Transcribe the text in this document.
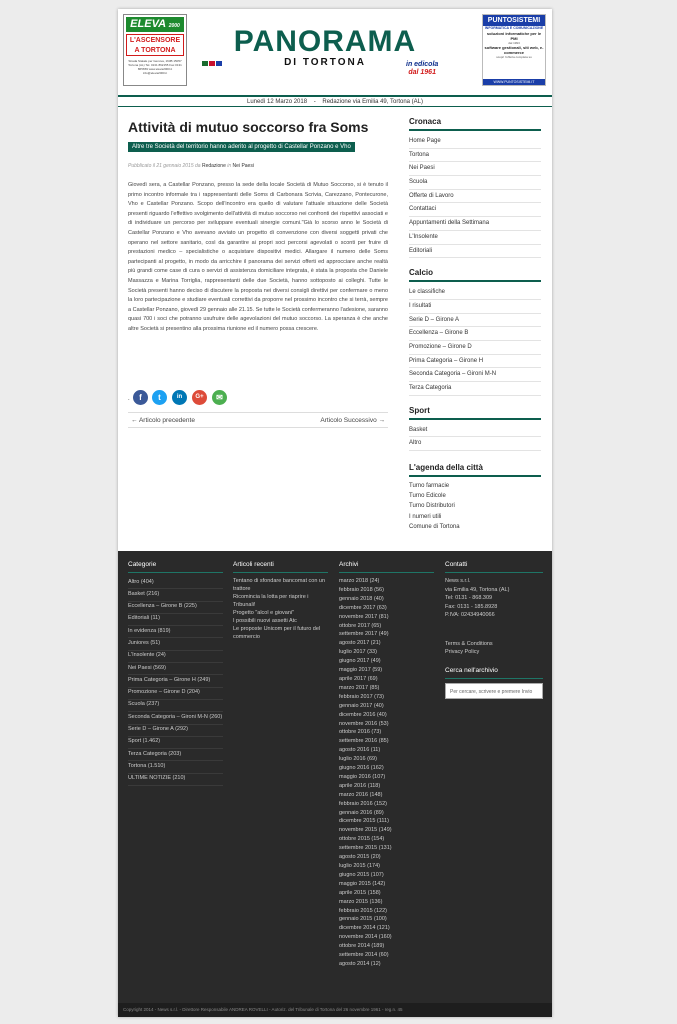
ELEVA 2000
L'ASCENSORE
A TORTONA
Strada Statale per Genova, 163B 15057 Tortona (AL) Tel. 0131 862155 Fax 0131 865659 www.eleva2000.it info@eleva2000.it
PANORAMA
DI TORTONA	in edicola
dal 1961
PUNTOSISTEMI
INFORMATICA E COMUNICAZIONE
soluzioni informatiche per le PMI
dal 1993
software gestionali, siti web, e-commerce
scopri l'offerta completa su
WWW.PUNTOSISTEMI.IT
Lunedì 12 Marzo 2018 - Redazione via Emilia 49, Tortona (AL)
Attività di mutuo soccorso fra Soms
Altre tre Società del territorio hanno aderito al progetto di Castellar Ponzano e Vho
Pubblicato il 21 gennaio 2015 da Redazione in Nei Paesi
Giovedì sera, a Castellar Ponzano, presso la sede della locale Società di Mutuo Soccorso, si è tenuto il primo incontro informale tra i rappresentanti delle Soms di Carbonara Scrivia, Carezzano, Pontecurone, Vho e Castellar Ponzano. Scopo dell'incontro era quello di valutare l'attuale situazione delle Società presenti riguardo l'effettivo svolgimento dell'attività di mutuo soccorso nei confronti dei rispettivi associati e di individuare un percorso per sviluppare eventuali sinergie comuni."Già lo scorso anno le Società di Castellar Ponzano e Vho avevano avviato un progetto di convenzione con diversi soggetti privati che operano nel settore sanitario, così da garantire ai propri soci percorsi agevolati o sconti per fruire di prestazioni medico – specialistiche o acquistare dispositivi medici. Allargare il numero delle Soms partecipanti al progetto, in modo da arricchire il panorama dei servizi offerti ed approcciare anche realtà più grandi come case di cura o servizi di assistenza domiciliare integrata, è stata la proposta che Daniele Massazza e Marina Torriglia, rappresentanti delle due Società, hanno sottoposto ai colleghi. Tutte le Società presenti hanno deciso di discutere la proposta nei diversi consigli direttivi per confermare o meno la loro partecipazione e studiare eventuali correttivi da proporre nel prossimo incontro che si terrà, sempre a Castellar Ponzano, giovedì 29 gennaio alle 21.15. Se tutte le Società confermeranno l'adesione, saranno quasi 700 i soci che potranno usufruire delle agevolazioni del mutuo soccorso. La speranza è che anche altre Società si presentino alla prossima riunione ed il numero possa crescere.
.	f	t	in	G+	✉
← Articolo precedente	Articolo Successivo →
Cronaca
Home Page
Tortona
Nei Paesi
Scuola
Offerte di Lavoro
Contattaci
Appuntamenti della Settimana
L'Insolente
Editoriali
Calcio
Le classifiche
I risultati
Serie D – Girone A
Eccellenza – Girone B
Promozione – Girone D
Prima Categoria – Girone H
Seconda Categoria – Gironi M-N
Terza Categoria
Sport
Basket
Altro
L'agenda della città
Turno farmacie
Turno Edicole
Turno Distributori
I numeri utili
Comune di Tortona
Categorie
Altro (404)
Basket (216)
Eccellenza – Girone B (225)
Editoriali (11)
In evidenza (819)
Juniores (51)
L'Insolente (24)
Nei Paesi (569)
Prima Categoria – Girone H (249)
Promozione – Girone D (204)
Scuola (237)
Seconda Categoria – Gironi M-N (260)
Serie D – Girone A (292)
Sport (1.462)
Terza Categoria (203)
Tortona (1.510)
ULTIME NOTIZIE (210)
Articoli recenti
Tentano di sfondare bancomat con un trattore
Ricomincia la lotta per riaprire i Tribunali!
Progetto "alcol e giovani"
I possibili nuovi assetti Atc
Le proposte Unicom per il futuro del commercio
Archivi
marzo 2018 (24)
febbraio 2018 (56)
gennaio 2018 (40)
dicembre 2017 (63)
novembre 2017 (81)
ottobre 2017 (65)
settembre 2017 (49)
agosto 2017 (21)
luglio 2017 (33)
giugno 2017 (49)
maggio 2017 (59)
aprile 2017 (69)
marzo 2017 (85)
febbraio 2017 (73)
gennaio 2017 (40)
dicembre 2016 (40)
novembre 2016 (53)
ottobre 2016 (73)
settembre 2016 (85)
agosto 2016 (11)
luglio 2016 (69)
giugno 2016 (162)
maggio 2016 (107)
aprile 2016 (118)
marzo 2016 (148)
febbraio 2016 (152)
gennaio 2016 (89)
dicembre 2015 (111)
novembre 2015 (149)
ottobre 2015 (154)
settembre 2015 (131)
agosto 2015 (20)
luglio 2015 (174)
giugno 2015 (107)
maggio 2015 (142)
aprile 2015 (158)
marzo 2015 (136)
febbraio 2015 (122)
gennaio 2015 (100)
dicembre 2014 (121)
novembre 2014 (160)
ottobre 2014 (189)
settembre 2014 (60)
agosto 2014 (12)
Contatti
News s.r.l.
via Emilia 49, Tortona (AL)
Tel: 0131 - 868.309
Fax: 0131 - 185.8928
P.IVA: 02434940066
Terms & Conditions
Privacy Policy
Cerca nell'archivio
Per cercare, scrivere e premere Invio
Copyright 2014 - News s.r.l. - Direttore Responsabile ANDREA ROVELLI - Autoriz. del Tribunale di Tortona del 26 novembre 1961 - reg.n. 45
